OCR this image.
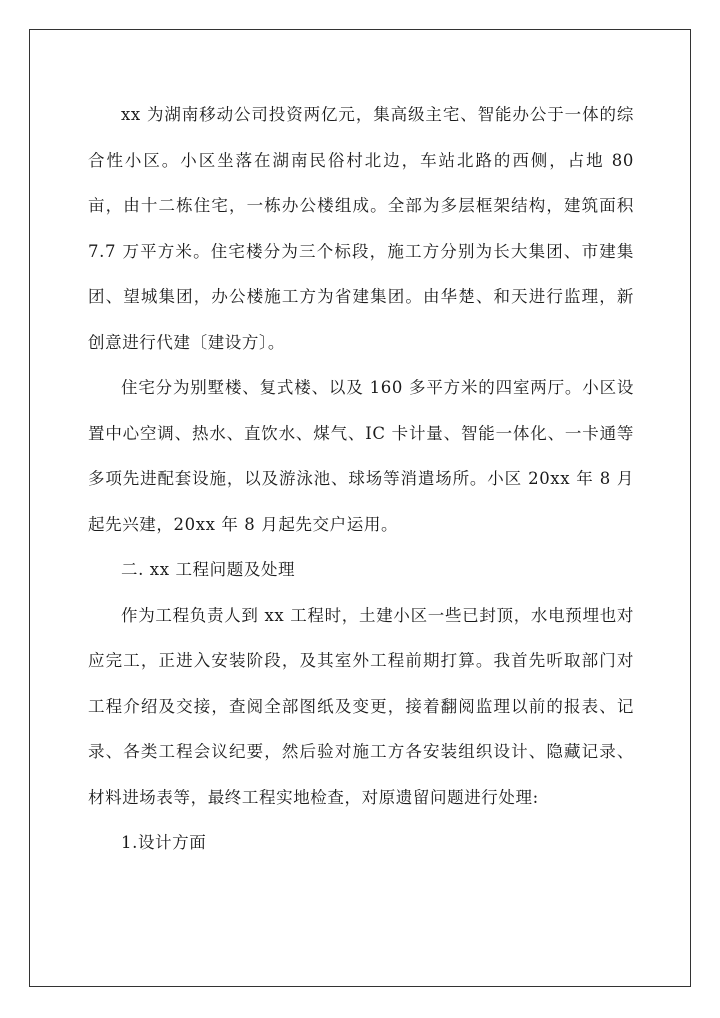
xx 为湖南移动公司投资两亿元，集高级主宅、智能办公于一体的综合性小区。小区坐落在湖南民俗村北边，车站北路的西侧，占地 80 亩，由十二栋住宅，一栋办公楼组成。全部为多层框架结构，建筑面积 7.7 万平方米。住宅楼分为三个标段，施工方分别为长大集团、市建集团、望城集团，办公楼施工方为省建集团。由华楚、和天进行监理，新创意进行代建〔建设方〕。

住宅分为别墅楼、复式楼、以及 160 多平方米的四室两厅。小区设置中心空调、热水、直饮水、煤气、IC 卡计量、智能一体化、一卡通等多项先进配套设施，以及游泳池、球场等消遣场所。小区 20xx 年 8 月起先兴建，20xx 年 8 月起先交户运用。

二. xx 工程问题及处理

作为工程负责人到 xx 工程时，土建小区一些已封顶，水电预埋也对应完工，正进入安装阶段，及其室外工程前期打算。我首先听取部门对工程介绍及交接，查阅全部图纸及变更，接着翻阅监理以前的报表、记录、各类工程会议纪要，然后验对施工方各安装组织设计、隐藏记录、材料进场表等，最终工程实地检查，对原遗留问题进行处理:

1.设计方面
